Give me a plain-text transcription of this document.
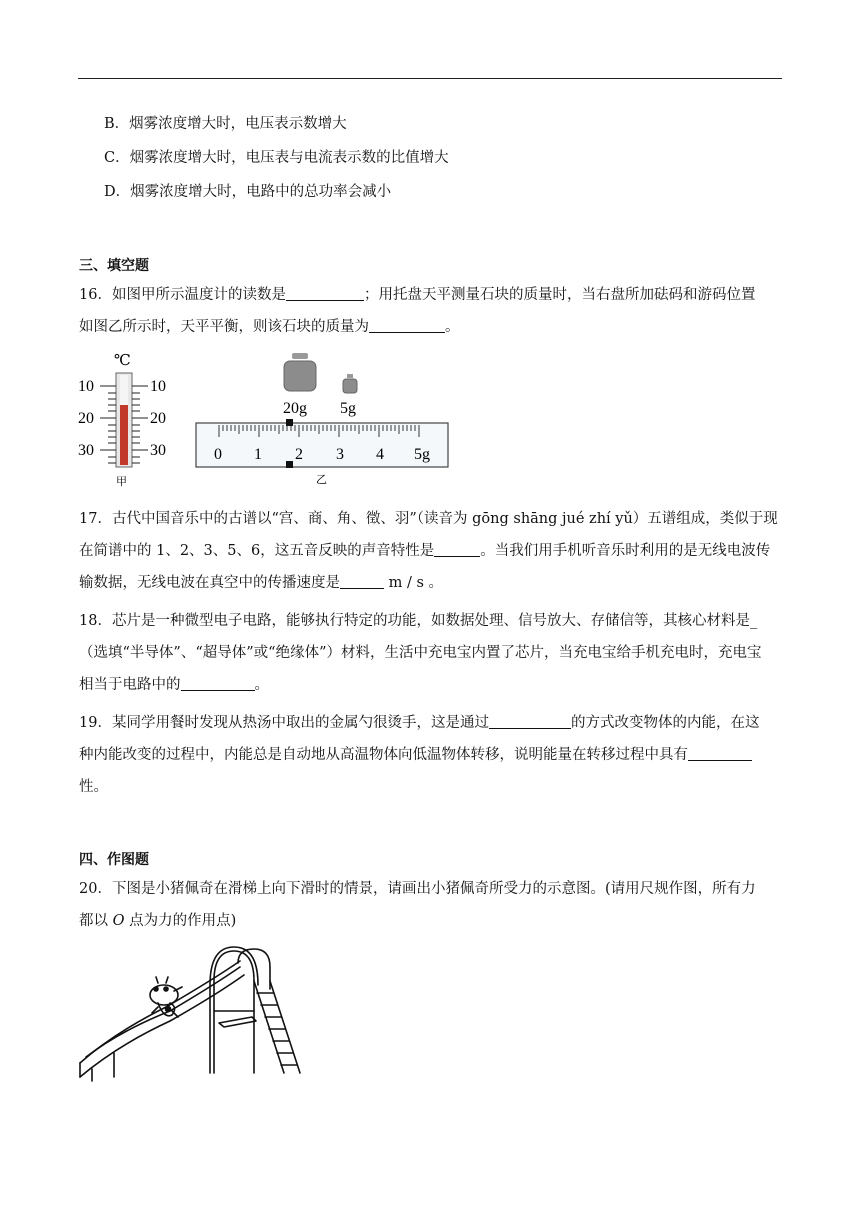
B．烟雾浓度增大时，电压表示数增大
C．烟雾浓度增大时，电压表与电流表示数的比值增大
D．烟雾浓度增大时，电路中的总功率会减小
三、填空题
16．如图甲所示温度计的读数是	；用托盘天平测量石块的质量时，当右盘所加砝码和游码位置
如图乙所示时，天平平衡，则该石块的质量为	。
℃
10
20
30
10
20
30
甲
20g 5g
0 1 2 3 4 5g
乙
17．古代中国音乐中的古谱以“宫、商、角、徵、羽”（读音为 gōng shāng jué zhí yǔ）五谱组成，类似于现
在简谱中的 1、2、3、5、6，这五音反映的声音特性是	。当我们用手机听音乐时利用的是无线电波传
输数据，无线电波在真空中的传播速度是	m / s 。
18．芯片是一种微型电子电路，能够执行特定的功能，如数据处理、信号放大、存储信等，其核心材料是_
（选填“半导体”、“超导体”或“绝缘体”）材料，生活中充电宝内置了芯片，当充电宝给手机充电时，充电宝
相当于电路中的	。
19．某同学用餐时发现从热汤中取出的金属勺很烫手，这是通过	的方式改变物体的内能，在这
种内能改变的过程中，内能总是自动地从高温物体向低温物体转移，说明能量在转移过程中具有
性。
四、作图题
20．下图是小猪佩奇在滑梯上向下滑时的情景，请画出小猪佩奇所受力的示意图。(请用尺规作图，所有力
都以 O 点为力的作用点)
